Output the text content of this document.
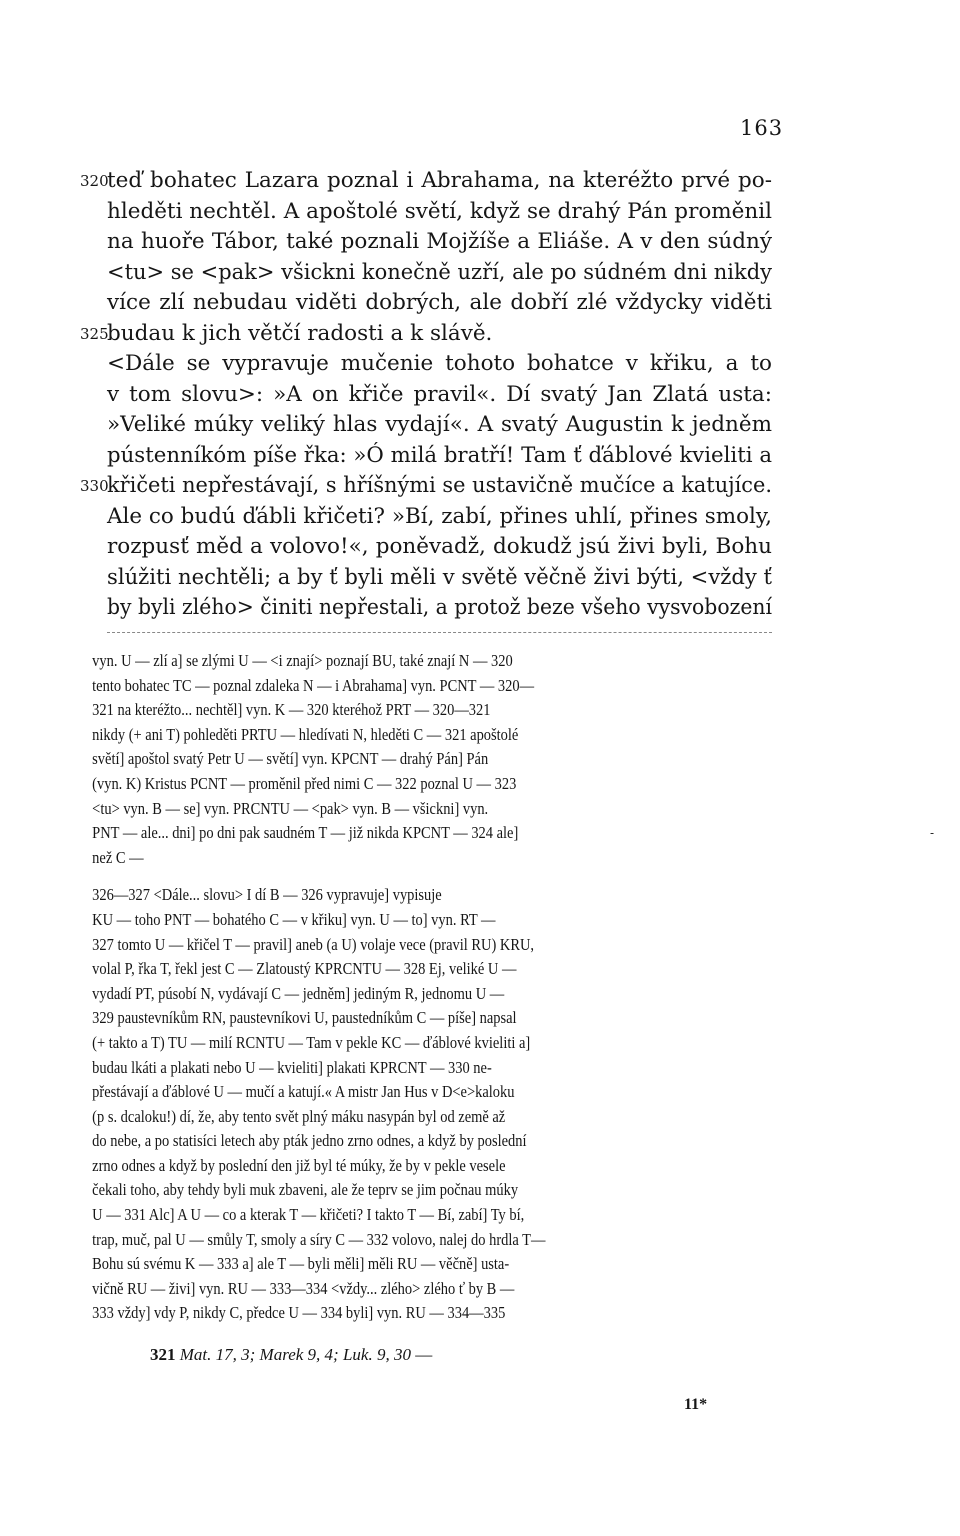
163
320
teď bohatec Lazara poznal i Abrahama, na kteréžto prvé po-
hleděti nechtěl. A apoštolé světí, když se drahý Pán proměnil
na huoře Tábor, také poznali Mojžíše a Eliáše. A v den súdný
<tu> se <pak> všickni konečně uzří, ale po súdném dni nikdy
více zlí nebudau viděti dobrých, ale dobří zlé vždycky viděti
325
budau k jich větčí radosti a k slávě.
<Dále se vypravuje mučenie tohoto bohatce v křiku, a to
v tom slovu>: »A on křiče pravil«. Dí svatý Jan Zlatá usta:
»Veliké múky veliký hlas vydají«. A svatý Augustin k jedněm
pústenníkóm píše řka: »Ó milá bratří! Tam ť ďáblové kvieliti a
330
křičeti nepřestávají, s hříšnými se ustavičně mučíce a katujíce.
Ale co budú ďábli křičeti? »Bí, zabí, přines uhlí, přines smoly,
rozpusť měd a volovo!«, poněvadž, dokudž jsú živi byli, Bohu
slúžiti nechtěli; a by ť byli měli v světě věčně živi býti, <vždy ť
by byli zlého> činiti nepřestali, a protož beze všeho vysvobození
vyn. U — zlí a] se zlými U — <i znají> poznají BU, také znají N — 320tento bohatec TC — poznal zdaleka N — i Abrahama] vyn. PCNT — 320—321 na kteréžto... nechtěl] vyn. K — 320 kteréhož PRT — 320—321nikdy (+ ani T) pohleděti PRTU — hledívati N, hleděti C — 321 apoštolésvětí] apoštol svatý Petr U — světí] vyn. KPCNT — drahý Pán] Pán(vyn. K) Kristus PCNT — proměnil před nimi C — 322 poznal U — 323<tu> vyn. B — se] vyn. PRCNTU — <pak> vyn. B — všickni] vyn.PNT — ale... dni] po dni pak saudném T — již nikda KPCNT — 324 ale]než C —326—327 <Dále... slovu> I dí B — 326 vypravuje] vypisujeKU — toho PNT — bohatého C — v křiku] vyn. U — to] vyn. RT —327 tomto U — křičel T — pravil] aneb (a U) volaje vece (pravil RU) KRU,volal P, řka T, řekl jest C — Zlatoustý KPRCNTU — 328 Ej, veliké U —vydadí PT, púsobí N, vydávají C — jedněm] jediným R, jednomu U —329 paustevníkům RN, paustevníkovi U, paustedníkům C — píše] napsal(+ takto a T) TU — milí RCNTU — Tam v pekle KC — ďáblové kvieliti a]budau lkáti a plakati nebo U — kvieliti] plakati KPRCNT — 330 ne-přestávají a ďáblové U — mučí a katují.« A mistr Jan Hus v D<e>kaloku(p s. dcaloku!) dí, že, aby tento svět plný máku nasypán byl od země aždo nebe, a po statisíci letech aby pták jedno zrno odnes, a když by poslednízrno odnes a když by poslední den již byl té múky, že by v pekle veselečekali toho, aby tehdy byli muk zbaveni, ale že teprv se jim počnau múkyU — 331 Alc] A U — co a kterak T — křičeti? I takto T — Bí, zabí] Ty bí,trap, muč, pal U — smůly T, smoly a síry C — 332 volovo, nalej do hrdla T—Bohu sú svému K — 333 a] ale T — byli měli] měli RU — věčně] usta-vičně RU — živi] vyn. RU — 333—334 <vždy... zlého> zlého ť by B —333 vždy] vdy P, nikdy C, předce U — 334 byli] vyn. RU — 334—335
321 Mat. 17, 3; Marek 9, 4; Luk. 9, 30 —
11*
‑
